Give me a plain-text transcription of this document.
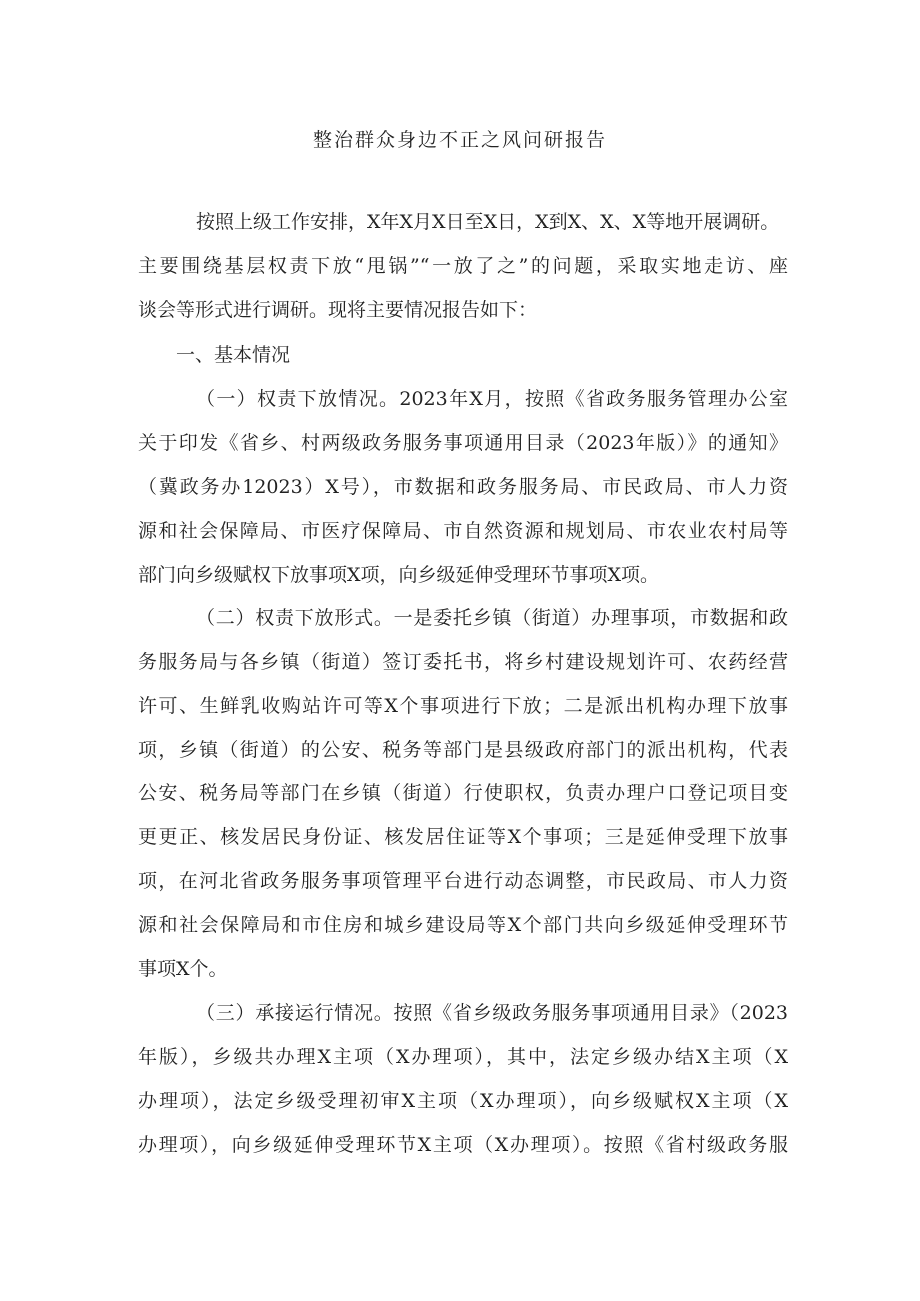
整治群众身边不正之风问研报告

按照上级工作安排，X年X月X日至X日，X到X、X、X等地开展调研。

主要围绕基层权责下放“甩锅”“一放了之”的问题，采取实地走访、座

谈会等形式进行调研。现将主要情况报告如下：

一、基本情况

（一）权责下放情况。2023年X月，按照《省政务服务管理办公室

关于印发《省乡、村两级政务服务事项通用目录（2023年版）》的通知》

（冀政务办12023）X号），市数据和政务服务局、市民政局、市人力资

源和社会保障局、市医疗保障局、市自然资源和规划局、市农业农村局等

部门向乡级赋权下放事项X项，向乡级延伸受理环节事项X项。

（二）权责下放形式。一是委托乡镇（街道）办理事项，市数据和政

务服务局与各乡镇（街道）签订委托书，将乡村建设规划许可、农药经营

许可、生鲜乳收购站许可等X个事项进行下放；二是派出机构办理下放事

项，乡镇（街道）的公安、税务等部门是县级政府部门的派出机构，代表

公安、税务局等部门在乡镇（街道）行使职权，负责办理户口登记项目变

更更正、核发居民身份证、核发居住证等X个事项；三是延伸受理下放事

项，在河北省政务服务事项管理平台进行动态调整，市民政局、市人力资

源和社会保障局和市住房和城乡建设局等X个部门共向乡级延伸受理环节

事项X个。

（三）承接运行情况。按照《省乡级政务服务事项通用目录》（2023

年版），乡级共办理X主项（X办理项），其中，法定乡级办结X主项（X

办理项），法定乡级受理初审X主项（X办理项），向乡级赋权X主项（X

办理项），向乡级延伸受理环节X主项（X办理项）。按照《省村级政务服
